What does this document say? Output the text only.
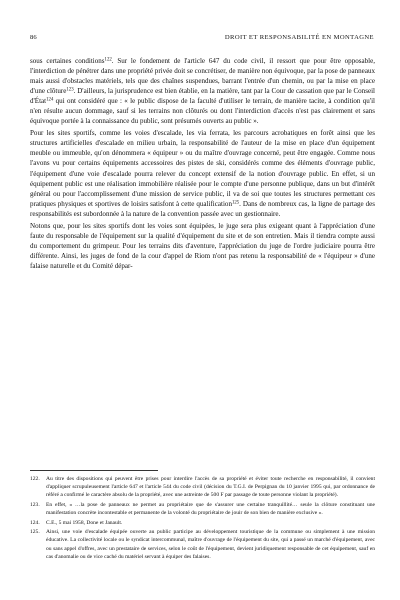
86	DROIT ET RESPONSABILITÉ EN MONTAGNE

sous certaines conditions$^{122}$. Sur le fondement de l'article 647 du code civil, il ressort que pour être opposable, l'interdiction de pénétrer dans une propriété privée doit se concrétiser, de manière non équivoque, par la pose de panneaux mais aussi d'obstacles matériels, tels que des chaînes suspendues, barrant l'entrée d'un chemin, ou par la mise en place d'une clôture$^{123}$. D'ailleurs, la jurisprudence est bien établie, en la matière, tant par la Cour de cassation que par le Conseil d'État$^{124}$ qui ont considéré que : « le public dispose de la faculté d'utiliser le terrain, de manière tacite, à condition qu'il n'en résulte aucun dommage, sauf si les terrains non clôturés ou dont l'interdiction d'accès n'est pas clairement et sans équivoque portée à la connaissance du public, sont présumés ouverts au public ».

Pour les sites sportifs, comme les voies d'escalade, les via ferrata, les parcours acrobatiques en forêt ainsi que les structures artificielles d'escalade en milieu urbain, la responsabilité de l'auteur de la mise en place d'un équipement meuble ou immeuble, qu'on dénommera « équipeur » ou du maître d'ouvrage concerné, peut être engagée. Comme nous l'avons vu pour certains équipements accessoires des pistes de ski, considérés comme des éléments d'ouvrage public, l'équipement d'une voie d'escalade pourra relever du concept extensif de la notion d'ouvrage public. En effet, si un équipement public est une réalisation immobilière réalisée pour le compte d'une personne publique, dans un but d'intérêt général ou pour l'accomplissement d'une mission de service public, il va de soi que toutes les structures permettant ces pratiques physiques et sportives de loisirs satisfont à cette qualification$^{125}$. Dans de nombreux cas, la ligne de partage des responsabilités est subordonnée à la nature de la convention passée avec un gestionnaire.

Notons que, pour les sites sportifs dont les voies sont équipées, le juge sera plus exigeant quant à l'appréciation d'une faute du responsable de l'équipement sur la qualité d'équipement du site et de son entretien. Mais il tiendra compte aussi du comportement du grimpeur. Pour les terrains dits d'aventure, l'appréciation du juge de l'ordre judiciaire pourra être différente. Ainsi, les juges de fond de la cour d'appel de Riom n'ont pas retenu la responsabilité de « l'équipeur » d'une falaise naturelle et du Comité dépar-

122. Au titre des dispositions qui peuvent être prises pour interdire l'accès de sa propriété et éviter toute recherche en responsabilité, il convient d'appliquer scrupuleusement l'article 647 et l'article 544 du code civil (décision du T.G.I. de Perpignan du 10 janvier 1995 qui, par ordonnance de référé a confirmé le caractère absolu de la propriété, avec une astreinte de 500 F par passage de toute personne violant la propriété).
123. En effet, « …la pose de panneaux ne permet au propriétaire que de s'assurer une certaine tranquillité… seule la clôture constituant une manifestation concrète incontestable et permanente de la volonté du propriétaire de jouir de son bien de manière exclusive ».
124. C.E., 5 mai 1958, Done et Janault.
125. Ainsi, une voie d'escalade équipée ouverte au public participe au développement touristique de la commune ou simplement à une mission éducative. La collectivité locale ou le syndicat intercommunal, maître d'ouvrage de l'équipement du site, qui a passé un marché d'équipement, avec ou sans appel d'offres, avec un prestataire de services, selon le coût de l'équipement, devient juridiquement responsable de cet équipement, sauf en cas d'anomalie ou de vice caché du matériel servant à équiper des falaises.
